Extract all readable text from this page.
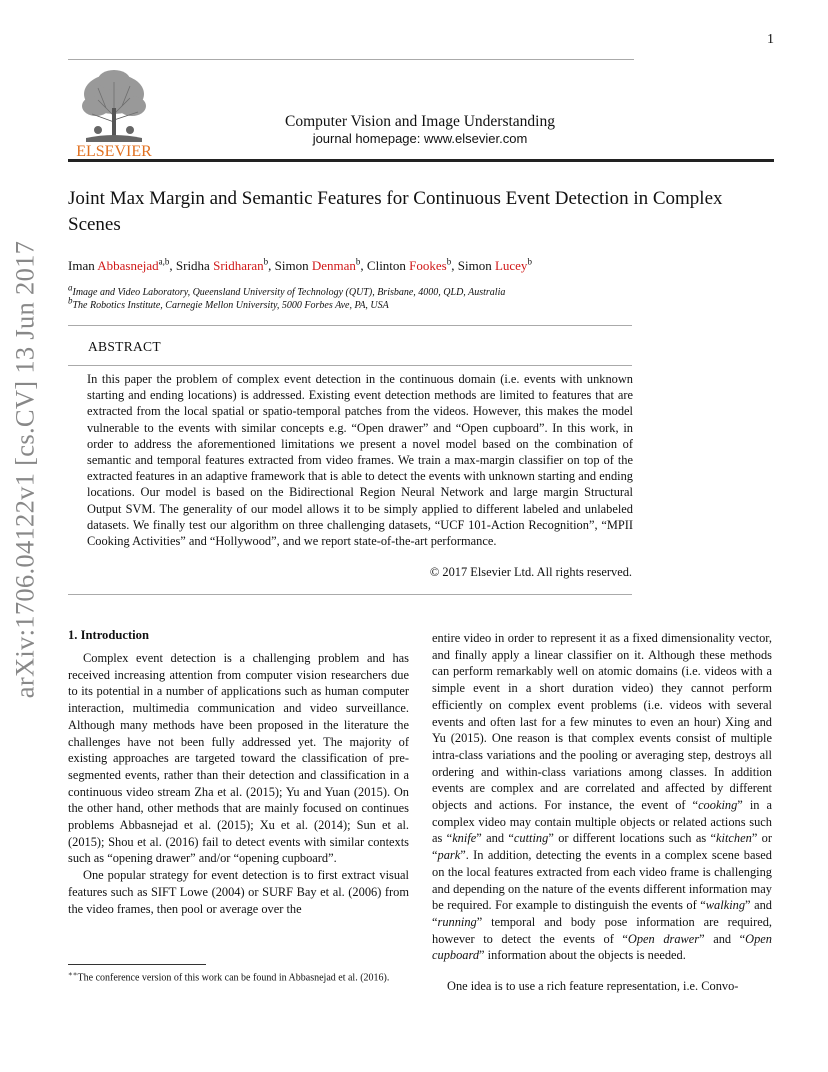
1
ELSEVIER
Computer Vision and Image Understanding
journal homepage: www.elsevier.com
Joint Max Margin and Semantic Features for Continuous Event Detection in Complex Scenes
Iman Abbasnejad$^{a,b}$, Sridha Sridharan$^b$, Simon Denman$^b$, Clinton Fookes$^b$, Simon Lucey$^b$
$^a$Image and Video Laboratory, Queensland University of Technology (QUT), Brisbane, 4000, QLD, Australia
$^b$The Robotics Institute, Carnegie Mellon University, 5000 Forbes Ave, PA, USA
ABSTRACT
In this paper the problem of complex event detection in the continuous domain (i.e. events with unknown starting and ending locations) is addressed. Existing event detection methods are limited to features that are extracted from the local spatial or spatio-temporal patches from the videos. However, this makes the model vulnerable to the events with similar concepts e.g. “Open drawer” and “Open cupboard”. In this work, in order to address the aforementioned limitations we present a novel model based on the combination of semantic and temporal features extracted from video frames. We train a max-margin classifier on top of the extracted features in an adaptive framework that is able to detect the events with unknown starting and ending locations. Our model is based on the Bidirectional Region Neural Network and large margin Structural Output SVM. The generality of our model allows it to be simply applied to different labeled and unlabeled datasets. We finally test our algorithm on three challenging datasets, “UCF 101-Action Recognition”, “MPII Cooking Activities” and “Hollywood”, and we report state-of-the-art performance.
© 2017 Elsevier Ltd. All rights reserved.
arXiv:1706.04122v1 [cs.CV] 13 Jun 2017 1. Introduction

Complex event detection is a challenging problem and has received increasing attention from computer vision researchers due to its potential in a number of applications such as human computer interaction, multimedia communication and video surveillance. Although many methods have been proposed in the literature the challenges have not been fully addressed yet. The majority of existing approaches are targeted toward the classification of pre-segmented events, rather than their detection and classification in a continuous video stream Zha et al. (2015); Yu and Yuan (2015). On the other hand, other methods that are mainly focused on continues problems Abbasnejad et al. (2015); Xu et al. (2014); Sun et al. (2015); Shou et al. (2016) fail to detect events with similar contexts such as “opening drawer” and/or “opening cupboard”.

One popular strategy for event detection is to first extract visual features such as SIFT Lowe (2004) or SURF Bay et al. (2006) from the video frames, then pool or average over the

∗∗The conference version of this work can be found in Abbasnejad et al. (2016).

entire video in order to represent it as a fixed dimensionality vector, and finally apply a linear classifier on it. Although these methods can perform remarkably well on atomic domains (i.e. videos with a simple event in a short duration video) they cannot perform efficiently on complex event problems (i.e. videos with several events and often last for a few minutes to even an hour) Xing and Yu (2015). One reason is that complex events consist of multiple intra-class variations and the pooling or averaging step, destroys all ordering and within-class variations among classes. In addition events are complex and are correlated and affected by different objects and actions. For instance, the event of “cooking” in a complex video may contain multiple objects or related actions such as “knife” and “cutting” or different locations such as “kitchen” or “park”. In addition, detecting the events in a complex scene based on the local features extracted from each video frame is challenging and depending on the nature of the events different information may be required. For example to distinguish the events of “walking” and “running” temporal and body pose information are required, however to detect the events of “Open drawer” and “Open cupboard” information about the objects is needed.

One idea is to use a rich feature representation, i.e. Convo-
